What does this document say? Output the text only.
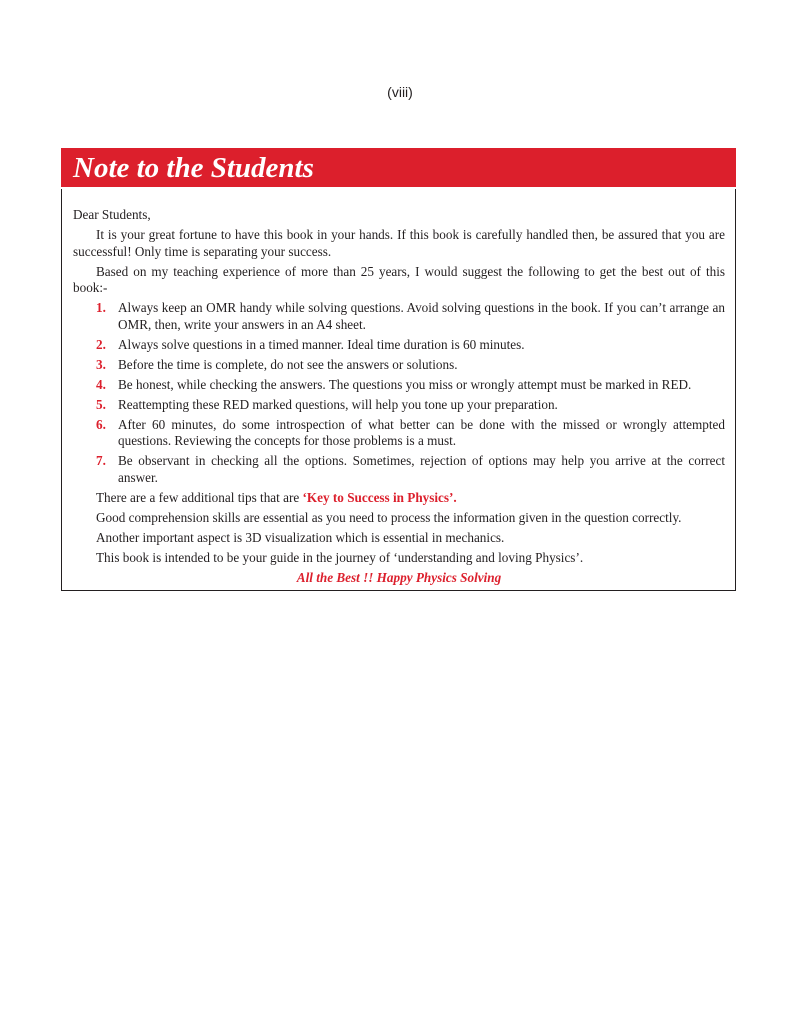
(viii)
Note to the Students

Dear Students,

It is your great fortune to have this book in your hands. If this book is carefully handled then, be assured that you are successful! Only time is separating your success.

Based on my teaching experience of more than 25 years, I would suggest the following to get the best out of this book:-

1. Always keep an OMR handy while solving questions. Avoid solving questions in the book. If you can’t arrange an OMR, then, write your answers in an A4 sheet.
2. Always solve questions in a timed manner. Ideal time duration is 60 minutes.
3. Before the time is complete, do not see the answers or solutions.
4. Be honest, while checking the answers. The questions you miss or wrongly attempt must be marked in RED.
5. Reattempting these RED marked questions, will help you tone up your preparation.
6. After 60 minutes, do some introspection of what better can be done with the missed or wrongly attempted questions. Reviewing the concepts for those problems is a must.
7. Be observant in checking all the options. Sometimes, rejection of options may help you arrive at the correct answer.

There are a few additional tips that are ‘Key to Success in Physics’.

Good comprehension skills are essential as you need to process the information given in the question correctly.

Another important aspect is 3D visualization which is essential in mechanics.

This book is intended to be your guide in the journey of ‘understanding and loving Physics’.

All the Best !! Happy Physics Solving
